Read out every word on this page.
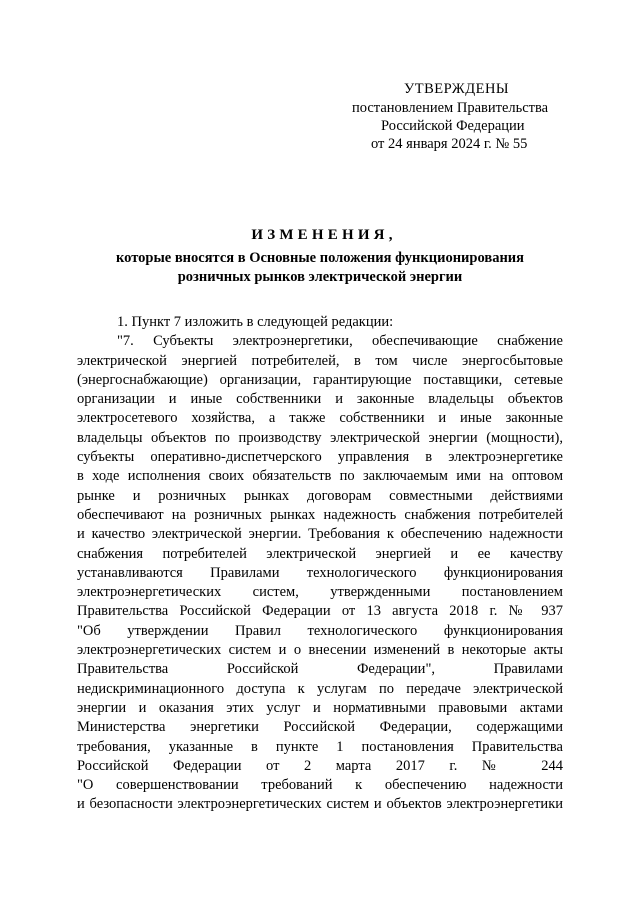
УТВЕРЖДЕНЫ
постановлением Правительства
Российской Федерации
от 24 января 2024 г. № 55
ИЗМЕНЕНИЯ,
которые вносятся в Основные положения функционирования
розничных рынков электрической энергии
1. Пункт 7 изложить в следующей редакции:
"7. Субъекты электроэнергетики, обеспечивающие снабжение
электрической энергией потребителей, в том числе энергосбытовые
(энергоснабжающие) организации, гарантирующие поставщики, сетевые
организации и иные собственники и законные владельцы объектов
электросетевого хозяйства, а также собственники и иные законные
владельцы объектов по производству электрической энергии (мощности),
субъекты оперативно-диспетчерского управления в электроэнергетике
в ходе исполнения своих обязательств по заключаемым ими на оптовом
рынке и розничных рынках договорам совместными действиями
обеспечивают на розничных рынках надежность снабжения потребителей
и качество электрической энергии. Требования к обеспечению надежности
снабжения потребителей электрической энергией и ее качеству
устанавливаются Правилами технологического функционирования
электроэнергетических систем, утвержденными постановлением
Правительства Российской Федерации от 13 августа 2018 г. № 937
"Об утверждении Правил технологического функционирования
электроэнергетических систем и о внесении изменений в некоторые акты
Правительства Российской Федерации", Правилами
недискриминационного доступа к услугам по передаче электрической
энергии и оказания этих услуг и нормативными правовыми актами
Министерства энергетики Российской Федерации, содержащими
требования, указанные в пункте 1 постановления Правительства
Российской Федерации от 2 марта 2017 г. № 244
"О совершенствовании требований к обеспечению надежности
и безопасности электроэнергетических систем и объектов электроэнергетики
